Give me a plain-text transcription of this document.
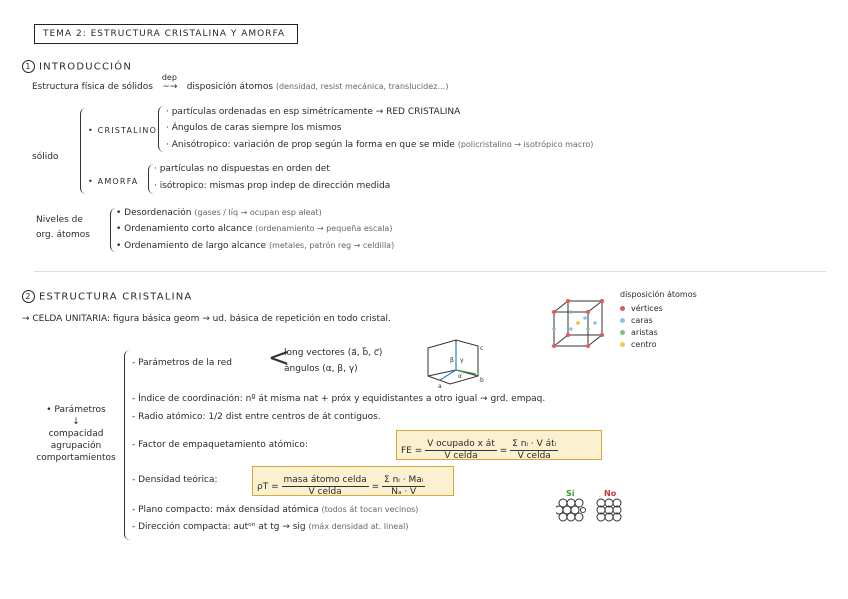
TEMA 2: ESTRUCTURA CRISTALINA Y AMORFA
1 INTRODUCCIÓN
Estructura física de sólidos
dep
~→ disposición átomos (densidad, resist mecánica, translucidez…)
sólido
• CRISTALINO
· partículas ordenadas en esp simétricamente → RED CRISTALINA
· Ángulos de caras siempre los mismos
· Anisótropico: variación de prop según la forma en que se mide (policristalino → isotrópico macro)
• AMORFA
· partículas no dispuestas en orden det
· isótropico: mismas prop indep de dirección medida
Niveles de
org. átomos
• Desordenación (gases / líq → ocupan esp aleat)
• Ordenamiento corto alcance (ordenamiento → pequeña escala)
• Ordenamiento de largo alcance (metales, patrón reg → celdilla)
2 ESTRUCTURA CRISTALINA
→ CELDA UNITARIA: figura básica geom → ud. básica de repetición en todo cristal.
disposición átomos
vértices
caras
aristas
centro
• Parámetros
↓
compacidad
agrupación
comportamientos
- Parámetros de la red <
long vectores (a⃗, b⃗, c⃗)
ángulos (α, β, γ)
c
a
b
β γ
α
- Índice de coordinación: nº át misma nat + próx y equidistantes a otro igual → grd. empaq.
- Radio atómico: 1/2 dist entre centros de át contiguos.
- Factor de empaquetamiento atómico:
FE = $\frac{\text{V ocupado x át}}{\text{V celda}} = \frac{\text{Σ nᵢ · V átᵢ}}{\text{V celda}}$
- Densidad teórica:
$\rho T = \frac{\text{masa átomo celda}}{\text{V celda}} = \frac{\text{Σ nᵢ · Maᵢ}}{\text{Nₐ · V}}$
- Plano compacto: máx densidad atómica (todos át tocan vecinos)
- Dirección compacta: autᵒⁿ at tg → sig (máx densidad at. lineal)
Sí	No
